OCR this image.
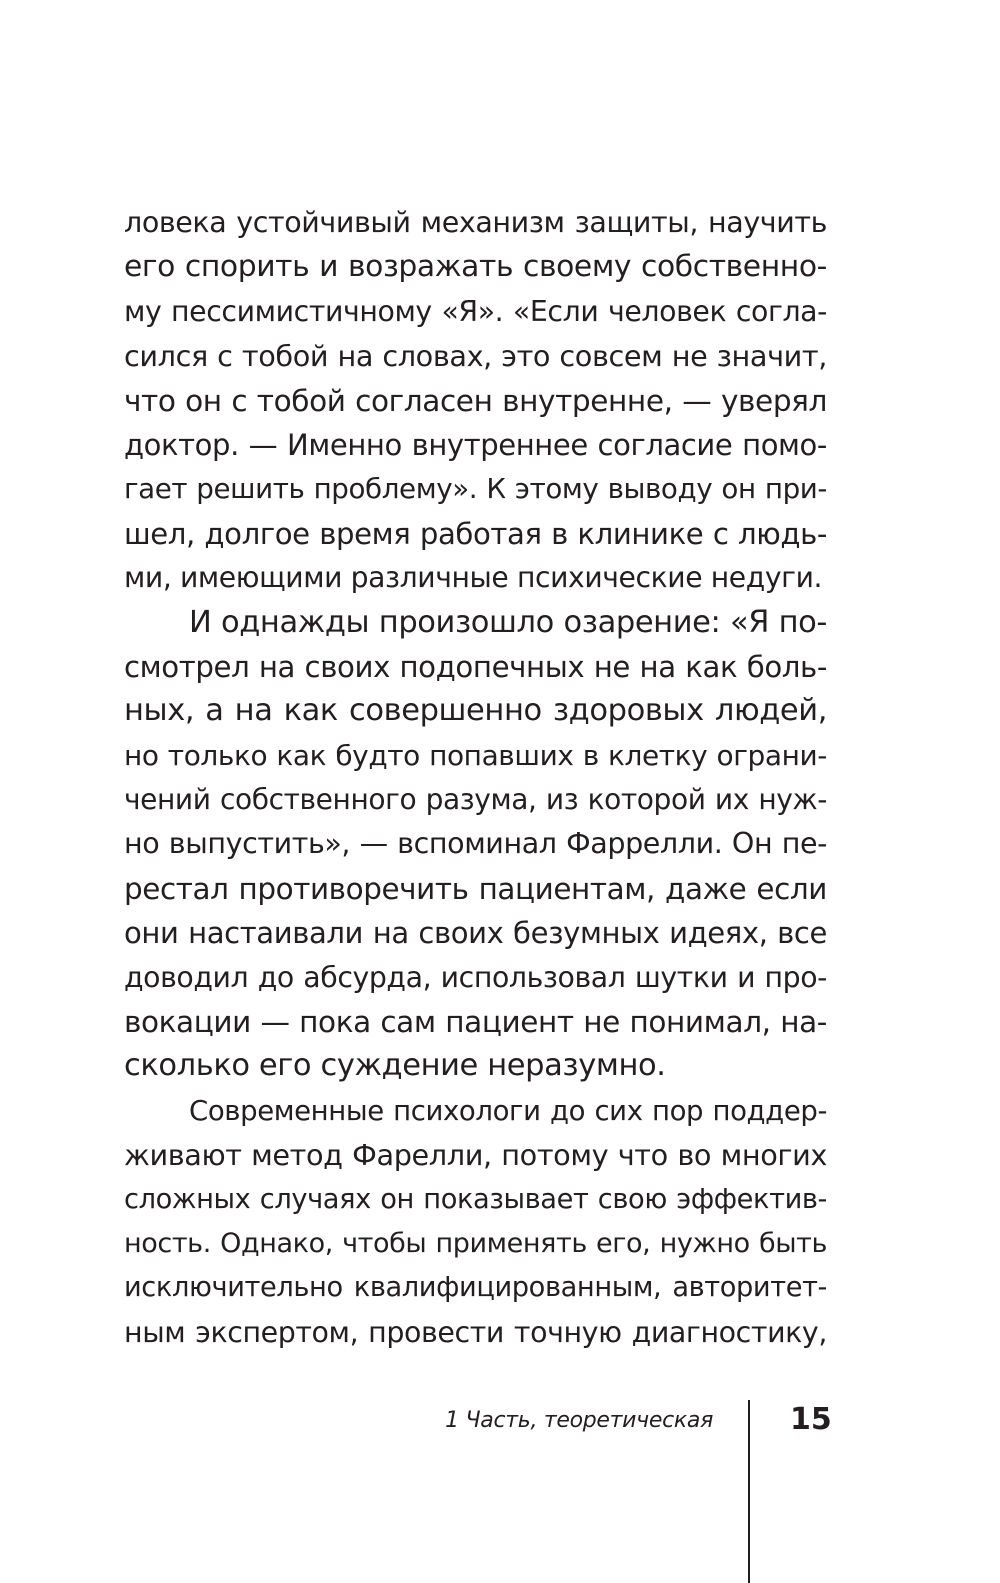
ловека устойчивый механизм защиты, научить
его спорить и возражать своему собственно-
му пессимистичному «Я». «Если человек согла-
сился с тобой на словах, это совсем не значит,
что он с тобой согласен внутренне, — уверял
доктор. — Именно внутреннее согласие помо-
гает решить проблему». К этому выводу он при-
шел, долгое время работая в клинике с людь-
ми, имеющими различные психические недуги.
И однажды произошло озарение: «Я по-
смотрел на своих подопечных не на как боль-
ных, а на как совершенно здоровых людей,
но только как будто попавших в клетку ограни-
чений собственного разума, из которой их нуж-
но выпустить», — вспоминал Фаррелли. Он пе-
рестал противоречить пациентам, даже если
они настаивали на своих безумных идеях, все
доводил до абсурда, использовал шутки и про-
вокации — пока сам пациент не понимал, на-
сколько его суждение неразумно.
Современные психологи до сих пор поддер-
живают метод Фарелли, потому что во многих
сложных случаях он показывает свою эффектив-
ность. Однако, чтобы применять его, нужно быть
исключительно квалифицированным, авторитет-
ным экспертом, провести точную диагностику,
1 Часть, теоретическая	15
